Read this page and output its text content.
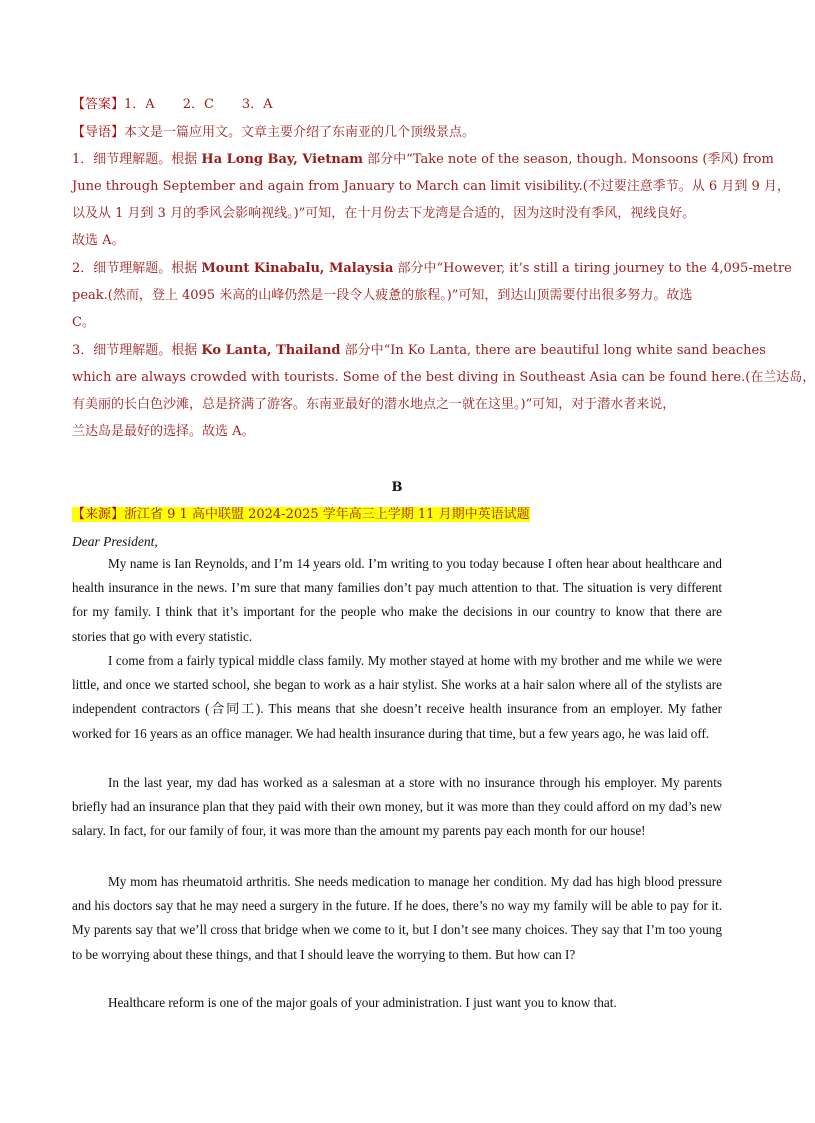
【答案】1．A 2．C 3．A
【导语】本文是一篇应用文。文章主要介绍了东南亚的几个顶级景点。
1．细节理解题。根据 Ha Long Bay, Vietnam 部分中“Take note of the season, though. Monsoons (季风) from
June through September and again from January to March can limit visibility.(不过要注意季节。从 6 月到 9 月，
以及从 1 月到 3 月的季风会影响视线。)”可知，在十月份去下龙湾是合适的，因为这时没有季风，视线良好。
故选 A。
2．细节理解题。根据 Mount Kinabalu, Malaysia 部分中“However, it’s still a tiring journey to the 4,095-metre
peak.(然而，登上 4095 米高的山峰仍然是一段令人疲惫的旅程。)”可知，到达山顶需要付出很多努力。故选
C。
3．细节理解题。根据 Ko Lanta, Thailand 部分中“In Ko Lanta, there are beautiful long white sand beaches
which are always crowded with tourists. Some of the best diving in Southeast Asia can be found here.(在兰达岛，
有美丽的长白色沙滩，总是挤满了游客。东南亚最好的潜水地点之一就在这里。)”可知，对于潜水者来说，
兰达岛是最好的选择。故选 A。
B
【来源】浙江省 9 1 高中联盟 2024-2025 学年高三上学期 11 月期中英语试题
Dear President,
My name is Ian Reynolds, and I’m 14 years old. I’m writing to you today because I often hear about healthcare and health insurance in the news. I’m sure that many families don’t pay much attention to that. The situation is very different for my family. I think that it’s important for the people who make the decisions in our country to know that there are stories that go with every statistic.
I come from a fairly typical middle class family. My mother stayed at home with my brother and me while we were little, and once we started school, she began to work as a hair stylist. She works at a hair salon where all of the stylists are independent contractors (合同工). This means that she doesn’t receive health insurance from an employer. My father worked for 16 years as an office manager. We had health insurance during that time, but a few years ago, he was laid off.
In the last year, my dad has worked as a salesman at a store with no insurance through his employer. My parents briefly had an insurance plan that they paid with their own money, but it was more than they could afford on my dad’s new salary. In fact, for our family of four, it was more than the amount my parents pay each month for our house!
My mom has rheumatoid arthritis. She needs medication to manage her condition. My dad has high blood pressure and his doctors say that he may need a surgery in the future. If he does, there’s no way my family will be able to pay for it. My parents say that we’ll cross that bridge when we come to it, but I don’t see many choices. They say that I’m too young to be worrying about these things, and that I should leave the worrying to them. But how can I?
Healthcare reform is one of the major goals of your administration. I just want you to know that.
